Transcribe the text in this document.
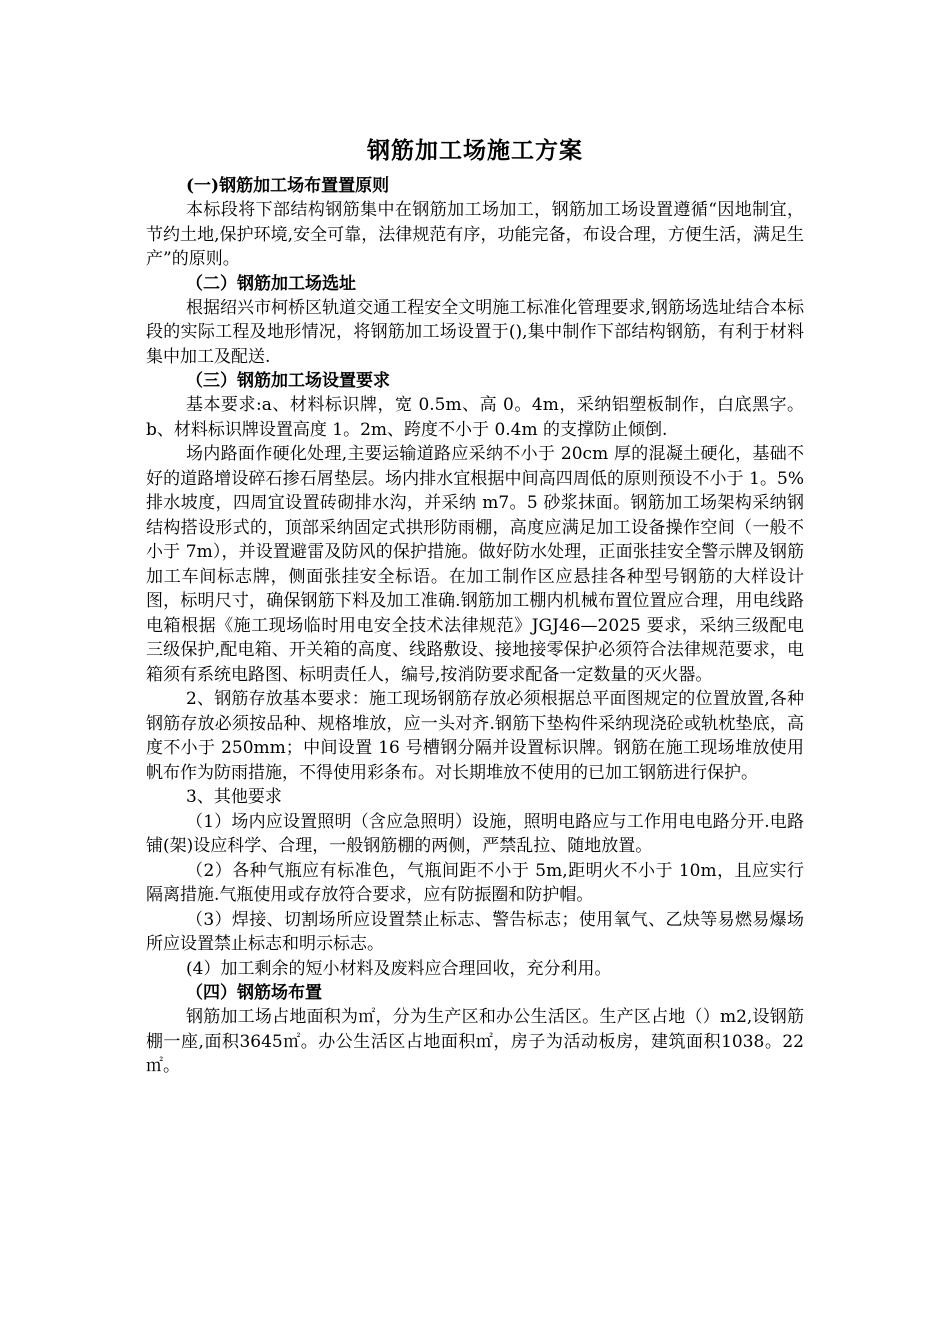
钢筋加工场施工方案
(一)钢筋加工场布置置原则

本标段将下部结构钢筋集中在钢筋加工场加工，钢筋加工场设置遵循“因地制宜，节约土地,保护环境,安全可靠，法律规范有序，功能完备，布设合理，方便生活，满足生产”的原则。

（二）钢筋加工场选址

根据绍兴市柯桥区轨道交通工程安全文明施工标准化管理要求,钢筋场选址结合本标段的实际工程及地形情况，将钢筋加工场设置于(),集中制作下部结构钢筋，有利于材料集中加工及配送.

（三）钢筋加工场设置要求

基本要求:a、材料标识牌，宽 0.5m、高 0。4m，采纳铝塑板制作，白底黑字。b、材料标识牌设置高度 1。2m、跨度不小于 0.4m 的支撑防止倾倒.

场内路面作硬化处理,主要运输道路应采纳不小于 20cm 厚的混凝土硬化，基础不好的道路增设碎石掺石屑垫层。场内排水宜根据中间高四周低的原则预设不小于 1。5%排水坡度，四周宜设置砖砌排水沟，并采纳 m7。5 砂浆抹面。钢筋加工场架构采纳钢结构搭设形式的，顶部采纳固定式拱形防雨棚，高度应满足加工设备操作空间（一般不小于 7m），并设置避雷及防风的保护措施。做好防水处理，正面张挂安全警示牌及钢筋加工车间标志牌，侧面张挂安全标语。在加工制作区应悬挂各种型号钢筋的大样设计图，标明尺寸，确保钢筋下料及加工准确.钢筋加工棚内机械布置位置应合理，用电线路电箱根据《施工现场临时用电安全技术法律规范》JGJ46—2025 要求，采纳三级配电三级保护,配电箱、开关箱的高度、线路敷设、接地接零保护必须符合法律规范要求，电箱须有系统电路图、标明责任人，编号,按消防要求配备一定数量的灭火器。

2、钢筋存放基本要求：施工现场钢筋存放必须根据总平面图规定的位置放置,各种钢筋存放必须按品种、规格堆放，应一头对齐.钢筋下垫构件采纳现浇砼或轨枕垫底，高度不小于 250mm；中间设置 16 号槽钢分隔并设置标识牌。钢筋在施工现场堆放使用帆布作为防雨措施，不得使用彩条布。对长期堆放不使用的已加工钢筋进行保护。

3、其他要求

（1）场内应设置照明（含应急照明）设施，照明电路应与工作用电电路分开.电路铺(架)设应科学、合理，一般钢筋棚的两侧，严禁乱拉、随地放置。

（2）各种气瓶应有标准色，气瓶间距不小于 5m,距明火不小于 10m，且应实行隔离措施.气瓶使用或存放符合要求，应有防振圈和防护帽。

（3）焊接、切割场所应设置禁止标志、警告标志；使用氧气、乙炔等易燃易爆场所应设置禁止标志和明示标志。

(4）加工剩余的短小材料及废料应合理回收，充分利用。

（四）钢筋场布置

钢筋加工场占地面积为㎡，分为生产区和办公生活区。生产区占地（）m2,设钢筋棚一座,面积3645㎡。办公生活区占地面积㎡，房子为活动板房，建筑面积1038。22㎡。
